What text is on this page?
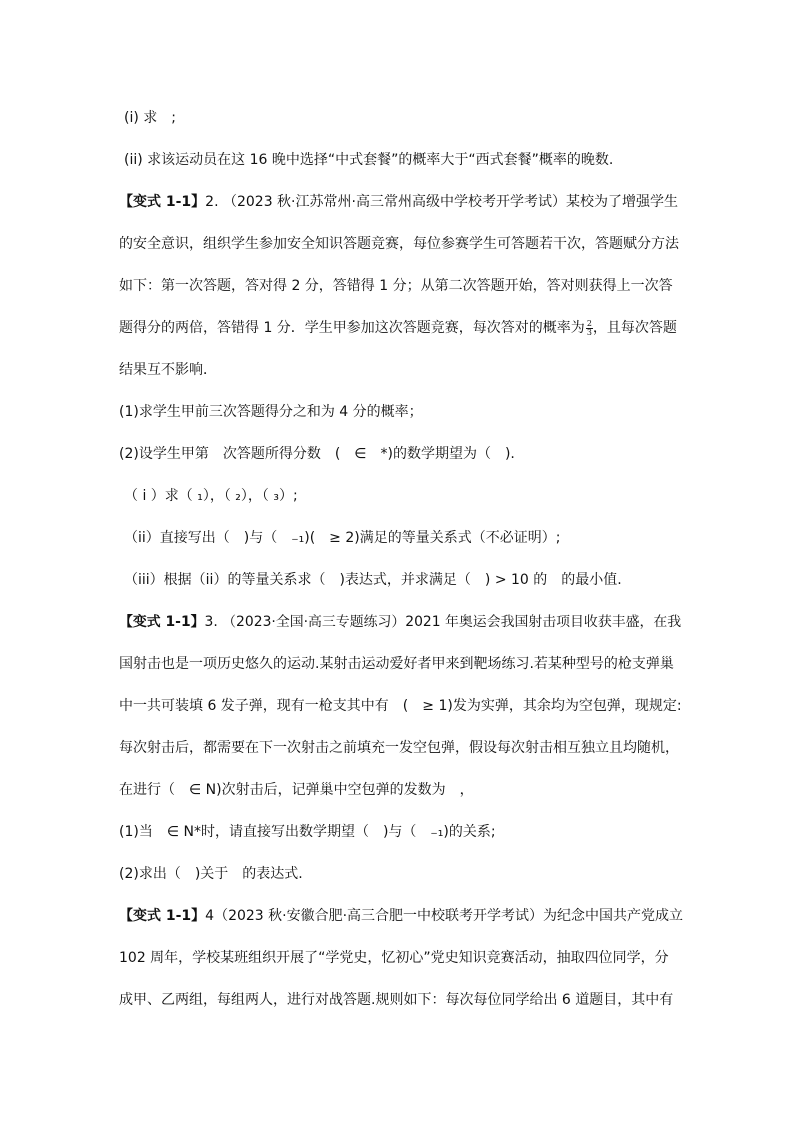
(i) 求　;
(ii) 求该运动员在这 16 晚中选择“中式套餐”的概率大于“西式套餐”概率的晚数.
【变式 1-1】2. （2023 秋·江苏常州·高三常州高级中学校考开学考试）某校为了增强学生
的安全意识，组织学生参加安全知识答题竞赛，每位参赛学生可答题若干次，答题赋分方法
如下：第一次答题，答对得 2 分，答错得 1 分；从第二次答题开始，答对则获得上一次答
题得分的两倍，答错得 1 分．学生甲参加这次答题竞赛，每次答对的概率为 $\frac{2}{3}$ ，且每次答题
结果互不影响．
(1)求学生甲前三次答题得分之和为 4 分的概率；
(2)设学生甲第　次答题所得分数　(　∈　*)的数学期望为（　).
（ i ）求（ ₁），（ ₂），（ ₃）;
（ii）直接写出（　)与（　₋₁)(　≥ 2)满足的等量关系式（不必证明）;
（iii）根据（ii）的等量关系求（　)表达式，并求满足（　) > 10 的　的最小值.
【变式 1-1】3. （2023·全国·高三专题练习）2021 年奥运会我国射击项目收获丰盛，在我
国射击也是一项历史悠久的运动.某射击运动爱好者甲来到靶场练习.若某种型号的枪支弹巢
中一共可装填 6 发子弹，现有一枪支其中有　(　≥ 1)发为实弹，其余均为空包弹，现规定:
每次射击后，都需要在下一次射击之前填充一发空包弹，假设每次射击相互独立且均随机，
在进行（　∈ N)次射击后，记弹巢中空包弹的发数为　，
(1)当　∈ N*时，请直接写出数学期望（　)与（　₋₁)的关系;
(2)求出（　)关于　的表达式.
【变式 1-1】4（2023 秋·安徽合肥·高三合肥一中校联考开学考试）为纪念中国共产党成立
102 周年，学校某班组织开展了“学党史，忆初心”党史知识竞赛活动，抽取四位同学，分
成甲、乙两组，每组两人，进行对战答题.规则如下：每次每位同学给出 6 道题目，其中有
